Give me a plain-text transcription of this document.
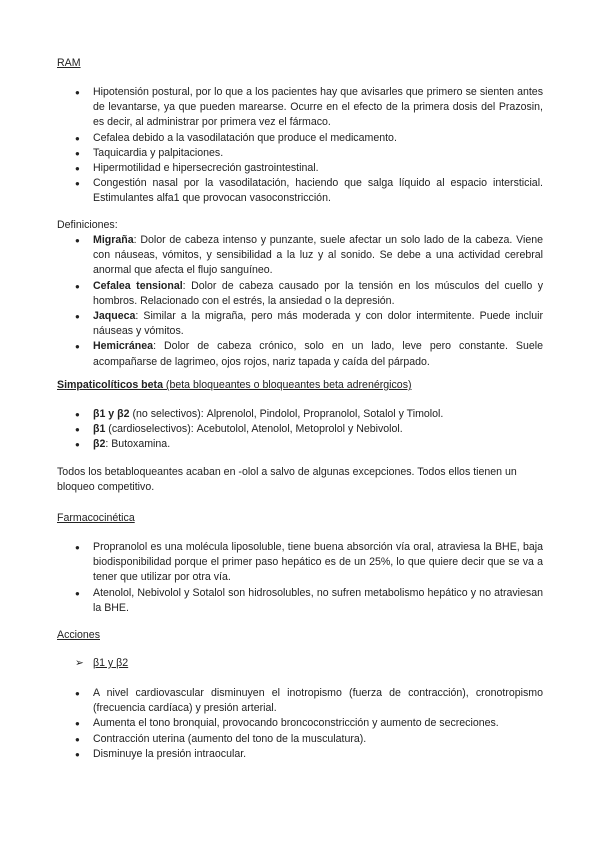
RAM
● Hipotensión postural, por lo que a los pacientes hay que avisarles que primero se sienten antes de levantarse, ya que pueden marearse. Ocurre en el efecto de la primera dosis del Prazosin, es decir, al administrar por primera vez el fármaco.
● Cefalea debido a la vasodilatación que produce el medicamento.
● Taquicardia y palpitaciones.
● Hipermotilidad e hipersecreción gastrointestinal.
● Congestión nasal por la vasodilatación, haciendo que salga líquido al espacio intersticial. Estimulantes alfa1 que provocan vasoconstricción.
Definiciones:
● Migraña: Dolor de cabeza intenso y punzante, suele afectar un solo lado de la cabeza. Viene con náuseas, vómitos, y sensibilidad a la luz y al sonido. Se debe a una actividad cerebral anormal que afecta el flujo sanguíneo.
● Cefalea tensional: Dolor de cabeza causado por la tensión en los músculos del cuello y hombros. Relacionado con el estrés, la ansiedad o la depresión.
● Jaqueca: Similar a la migraña, pero más moderada y con dolor intermitente. Puede incluir náuseas y vómitos.
● Hemicránea: Dolor de cabeza crónico, solo en un lado, leve pero constante. Suele acompañarse de lagrimeo, ojos rojos, nariz tapada y caída del párpado.
Simpaticolíticos beta (beta bloqueantes o bloqueantes beta adrenérgicos)
● β1 y β2 (no selectivos): Alprenolol, Pindolol, Propranolol, Sotalol y Timolol.
● β1 (cardioselectivos): Acebutolol, Atenolol, Metoprolol y Nebivolol.
● β2: Butoxamina.
Todos los betabloqueantes acaban en -olol a salvo de algunas excepciones. Todos ellos tienen un bloqueo competitivo.
Farmacocinética
● Propranolol es una molécula liposoluble, tiene buena absorción vía oral, atraviesa la BHE, baja biodisponibilidad porque el primer paso hepático es de un 25%, lo que quiere decir que se va a tener que utilizar por otra vía.
● Atenolol, Nebivolol y Sotalol son hidrosolubles, no sufren metabolismo hepático y no atraviesan la BHE.
Acciones
➢ β1 y β2
● A nivel cardiovascular disminuyen el inotropismo (fuerza de contracción), cronotropismo (frecuencia cardíaca) y presión arterial.
● Aumenta el tono bronquial, provocando broncoconstricción y aumento de secreciones.
● Contracción uterina (aumento del tono de la musculatura).
● Disminuye la presión intraocular.
